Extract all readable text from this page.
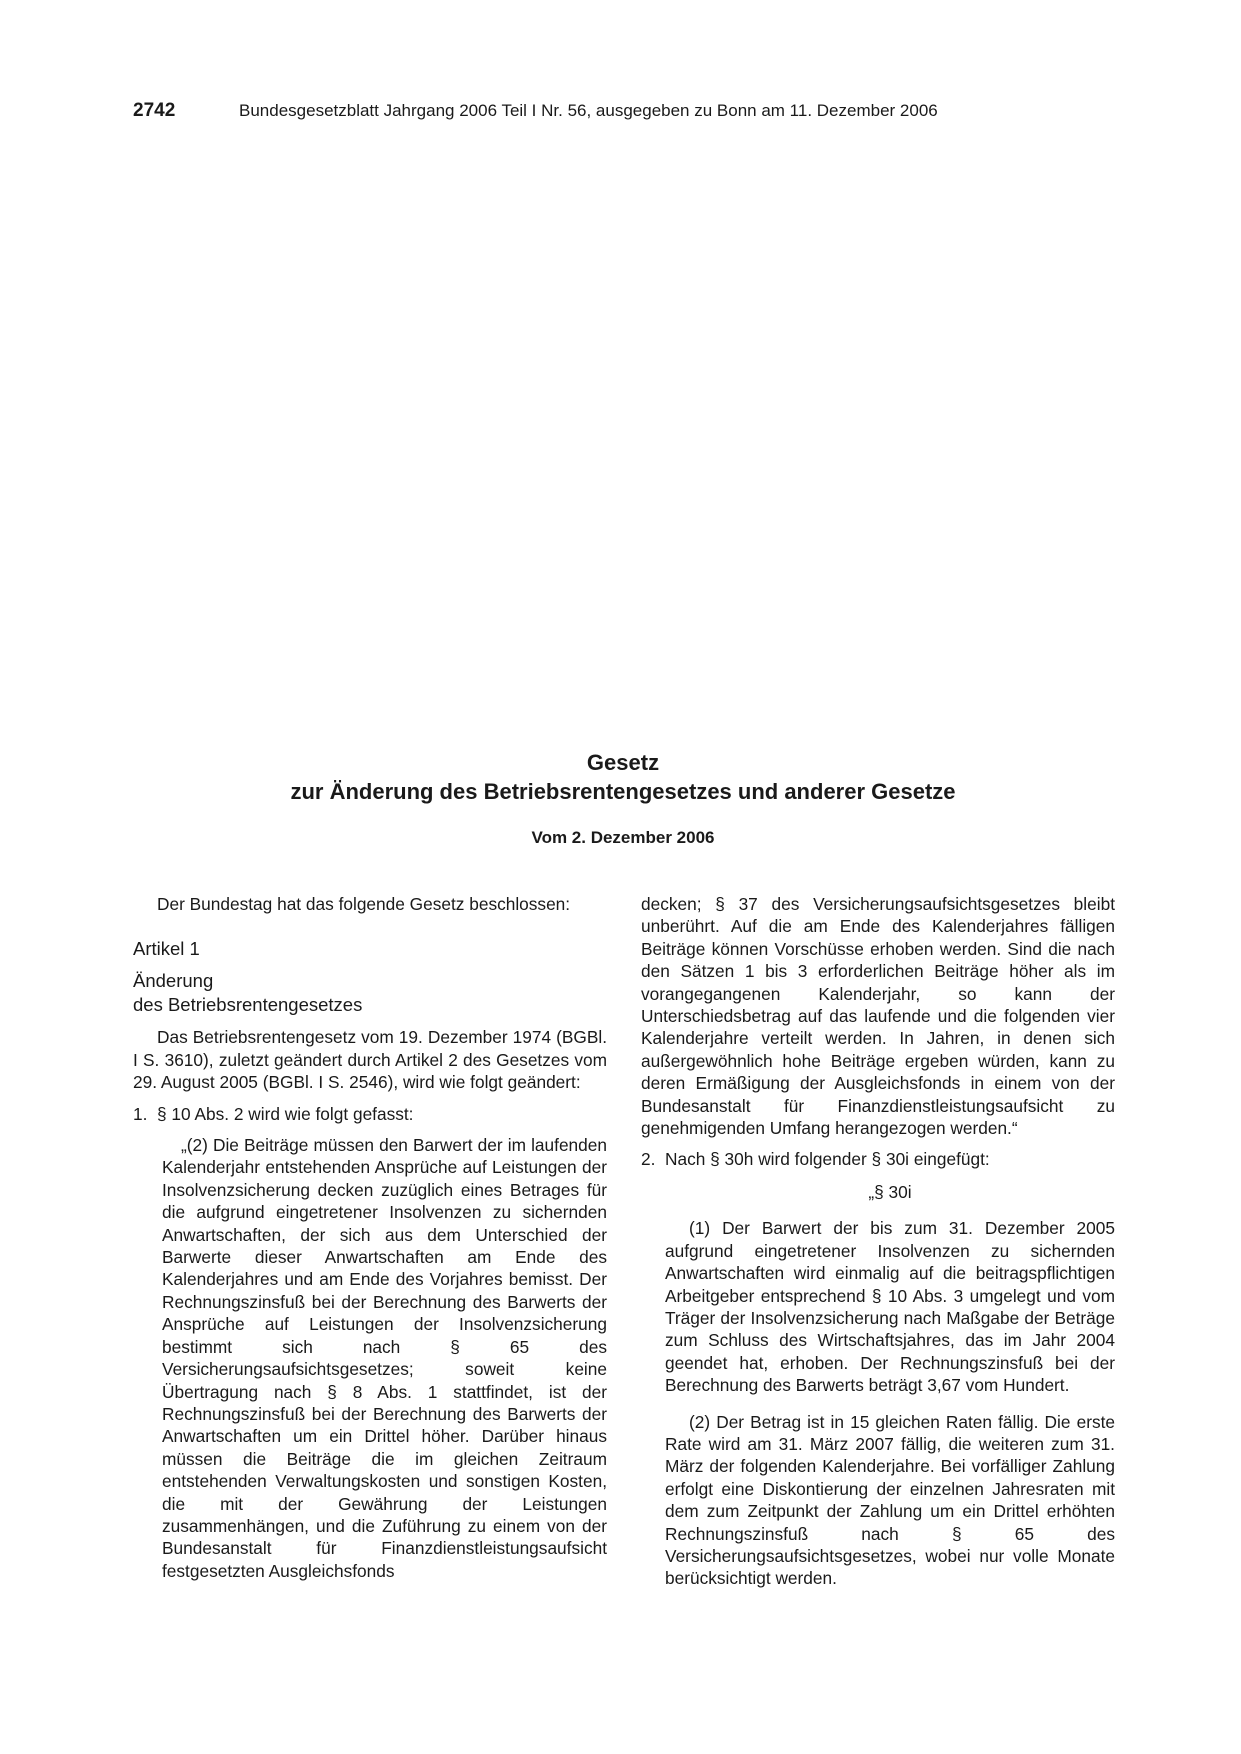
2742	Bundesgesetzblatt Jahrgang 2006 Teil I Nr. 56, ausgegeben zu Bonn am 11. Dezember 2006
Gesetz
zur Änderung des Betriebsrentengesetzes und anderer Gesetze
Vom 2. Dezember 2006

Der Bundestag hat das folgende Gesetz beschlossen:

Artikel 1

Änderung

des Betriebsrentengesetzes

Das Betriebsrentengesetz vom 19. Dezember 1974 (BGBl. I S. 3610), zuletzt geändert durch Artikel 2 des Gesetzes vom 29. August 2005 (BGBl. I S. 2546), wird wie folgt geändert:

1. § 10 Abs. 2 wird wie folgt gefasst:

„(2) Die Beiträge müssen den Barwert der im laufenden Kalenderjahr entstehenden Ansprüche auf Leistungen der Insolvenzsicherung decken zuzüglich eines Betrages für die aufgrund eingetretener Insolvenzen zu sichernden Anwartschaften, der sich aus dem Unterschied der Barwerte dieser Anwartschaften am Ende des Kalenderjahres und am Ende des Vorjahres bemisst. Der Rechnungszinsfuß bei der Berechnung des Barwerts der Ansprüche auf Leistungen der Insolvenzsicherung bestimmt sich nach § 65 des Versicherungsaufsichtsgesetzes; soweit keine Übertragung nach § 8 Abs. 1 stattfindet, ist der Rechnungszinsfuß bei der Berechnung des Barwerts der Anwartschaften um ein Drittel höher. Darüber hinaus müssen die Beiträge die im gleichen Zeitraum entstehenden Verwaltungskosten und sonstigen Kosten, die mit der Gewährung der Leistungen zusammenhängen, und die Zuführung zu einem von der Bundesanstalt für Finanzdienstleistungsaufsicht festgesetzten Ausgleichsfonds

decken; § 37 des Versicherungsaufsichtsgesetzes bleibt unberührt. Auf die am Ende des Kalenderjahres fälligen Beiträge können Vorschüsse erhoben werden. Sind die nach den Sätzen 1 bis 3 erforderlichen Beiträge höher als im vorangegangenen Kalenderjahr, so kann der Unterschiedsbetrag auf das laufende und die folgenden vier Kalenderjahre verteilt werden. In Jahren, in denen sich außergewöhnlich hohe Beiträge ergeben würden, kann zu deren Ermäßigung der Ausgleichsfonds in einem von der Bundesanstalt für Finanzdienstleistungsaufsicht zu genehmigenden Umfang herangezogen werden.“

2. Nach § 30h wird folgender § 30i eingefügt:

„§ 30i

(1) Der Barwert der bis zum 31. Dezember 2005 aufgrund eingetretener Insolvenzen zu sichernden Anwartschaften wird einmalig auf die beitragspflichtigen Arbeitgeber entsprechend § 10 Abs. 3 umgelegt und vom Träger der Insolvenzsicherung nach Maßgabe der Beträge zum Schluss des Wirtschaftsjahres, das im Jahr 2004 geendet hat, erhoben. Der Rechnungszinsfuß bei der Berechnung des Barwerts beträgt 3,67 vom Hundert.

(2) Der Betrag ist in 15 gleichen Raten fällig. Die erste Rate wird am 31. März 2007 fällig, die weiteren zum 31. März der folgenden Kalenderjahre. Bei vorfälliger Zahlung erfolgt eine Diskontierung der einzelnen Jahresraten mit dem zum Zeitpunkt der Zahlung um ein Drittel erhöhten Rechnungszinsfuß nach § 65 des Versicherungsaufsichtsgesetzes, wobei nur volle Monate berücksichtigt werden.
